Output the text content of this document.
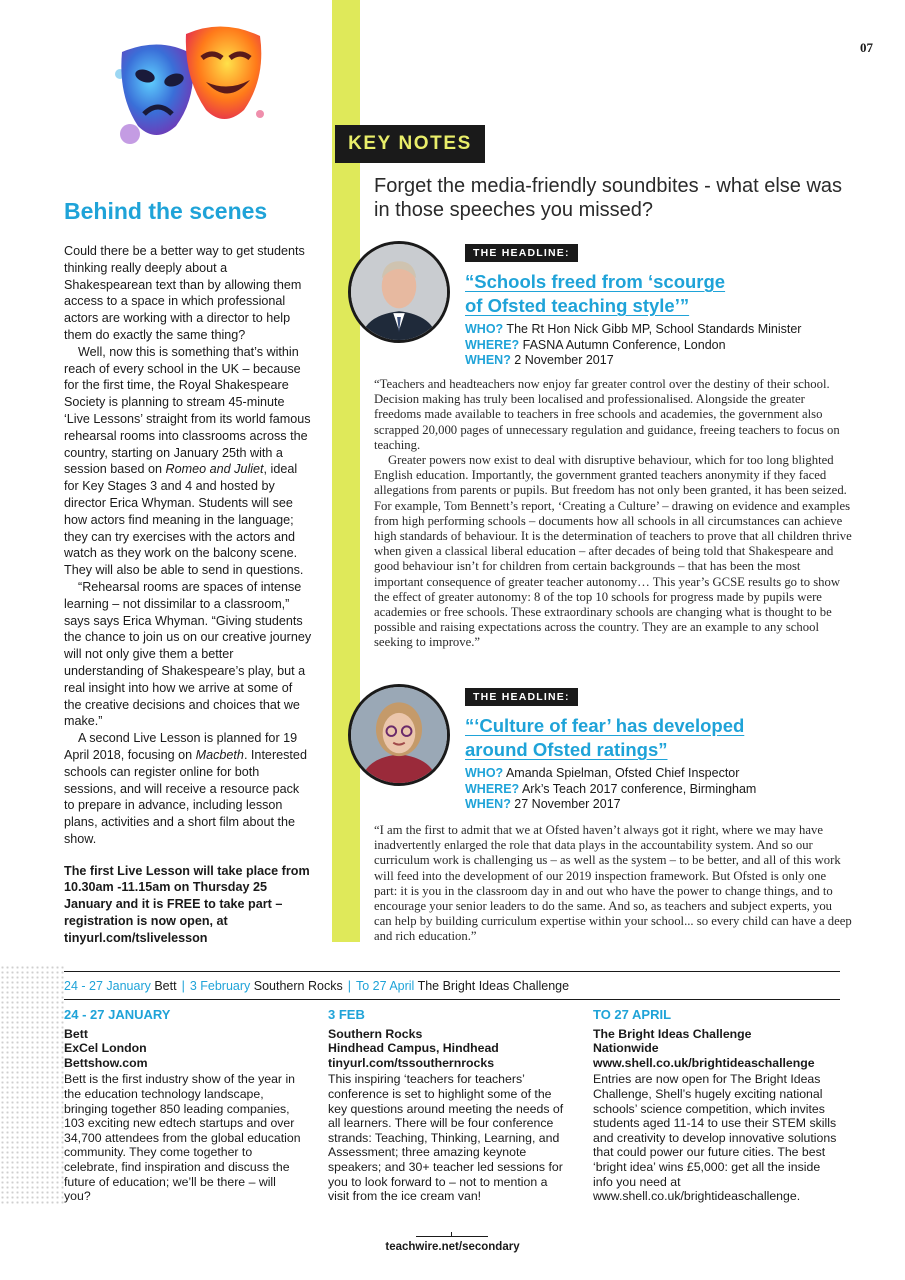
07
Behind the scenes

Could there be a better way to get students thinking really deeply about a Shakespearean text than by allowing them access to a space in which professional actors are working with a director to help them do exactly the same thing?

Well, now this is something that’s within reach of every school in the UK – because for the first time, the Royal Shakespeare Society is planning to stream 45-minute ‘Live Lessons’ straight from its world famous rehearsal rooms into classrooms across the country, starting on January 25th with a session based on Romeo and Juliet, ideal for Key Stages 3 and 4 and hosted by director Erica Whyman. Students will see how actors find meaning in the language; they can try exercises with the actors and watch as they work on the balcony scene. They will also be able to send in questions.

“Rehearsal rooms are spaces of intense learning – not dissimilar to a classroom,” says says Erica Whyman. “Giving students the chance to join us on our creative journey will not only give them a better understanding of Shakespeare’s play, but a real insight into how we arrive at some of the creative decisions and choices that we make.”

A second Live Lesson is planned for 19 April 2018, focusing on Macbeth. Interested schools can register online for both sessions, and will receive a resource pack to prepare in advance, including lesson plans, activities and a short film about the show.

The first Live Lesson will take place from 10.30am -11.15am on Thursday 25 January and it is FREE to take part – registration is now open, at tinyurl.com/tslivelesson

KEY NOTES
Forget the media-friendly soundbites - what else was in those speeches you missed?
THE HEADLINE:
“Schools freed from ‘scourge
of Ofsted teaching style’”
WHO? The Rt Hon Nick Gibb MP, School Standards Minister
WHERE? FASNA Autumn Conference, London
WHEN? 2 November 2017

“Teachers and headteachers now enjoy far greater control over the destiny of their school. Decision making has truly been localised and professionalised. Alongside the greater freedoms made available to teachers in free schools and academies, the government also scrapped 20,000 pages of unnecessary regulation and guidance, freeing teachers to focus on teaching.

Greater powers now exist to deal with disruptive behaviour, which for too long blighted English education. Importantly, the government granted teachers anonymity if they faced allegations from parents or pupils. But freedom has not only been granted, it has been seized. For example, Tom Bennett’s report, ‘Creating a Culture’ – drawing on evidence and examples from high performing schools – documents how all schools in all circumstances can achieve high standards of behaviour. It is the determination of teachers to prove that all children thrive when given a classical liberal education – after decades of being told that Shakespeare and good behaviour isn’t for children from certain backgrounds – that has been the most important consequence of greater teacher autonomy… This year’s GCSE results go to show the effect of greater autonomy: 8 of the top 10 schools for progress made by pupils were academies or free schools. These extraordinary schools are changing what is thought to be possible and raising expectations across the country. They are an example to any school seeking to improve.”

THE HEADLINE:
“‘Culture of fear’ has developed
around Ofsted ratings”
WHO? Amanda Spielman, Ofsted Chief Inspector
WHERE? Ark’s Teach 2017 conference, Birmingham
WHEN? 27 November 2017

“I am the first to admit that we at Ofsted haven’t always got it right, where we may have inadvertently enlarged the role that data plays in the accountability system. And so our curriculum work is challenging us – as well as the system – to be better, and all of this work will feed into the development of our 2019 inspection framework. But Ofsted is only one part: it is you in the classroom day in and out who have the power to change things, and to encourage your senior leaders to do the same. And so, as teachers and subject experts, you can help by building curriculum expertise within your school... so every child can have a deep and rich education.”

24 - 27 January Bett | 3 February Southern Rocks | To 27 April The Bright Ideas Challenge
24 - 27 JANUARY
Bett
ExCel London
Bettshow.com
Bett is the first industry show of the year in the education technology landscape, bringing together 850 leading companies, 103 exciting new edtech startups and over 34,700 attendees from the global education community. They come together to celebrate, find inspiration and discuss the future of education; we’ll be there – will you?
3 FEB
Southern Rocks
Hindhead Campus, Hindhead
tinyurl.com/tssouthernrocks
This inspiring ‘teachers for teachers’ conference is set to highlight some of the key questions around meeting the needs of all learners. There will be four conference strands: Teaching, Thinking, Learning, and Assessment; three amazing keynote speakers; and 30+ teacher led sessions for you to look forward to – not to mention a visit from the ice cream van!
TO 27 APRIL
The Bright Ideas Challenge
Nationwide
www.shell.co.uk/brightideaschallenge
Entries are now open for The Bright Ideas Challenge, Shell’s hugely exciting national schools’ science competition, which invites students aged 11-14 to use their STEM skills and creativity to develop innovative solutions that could power our future cities. The best ‘bright idea’ wins £5,000: get all the inside info you need at www.shell.co.uk/brightideaschallenge.
teachwire.net/secondary
